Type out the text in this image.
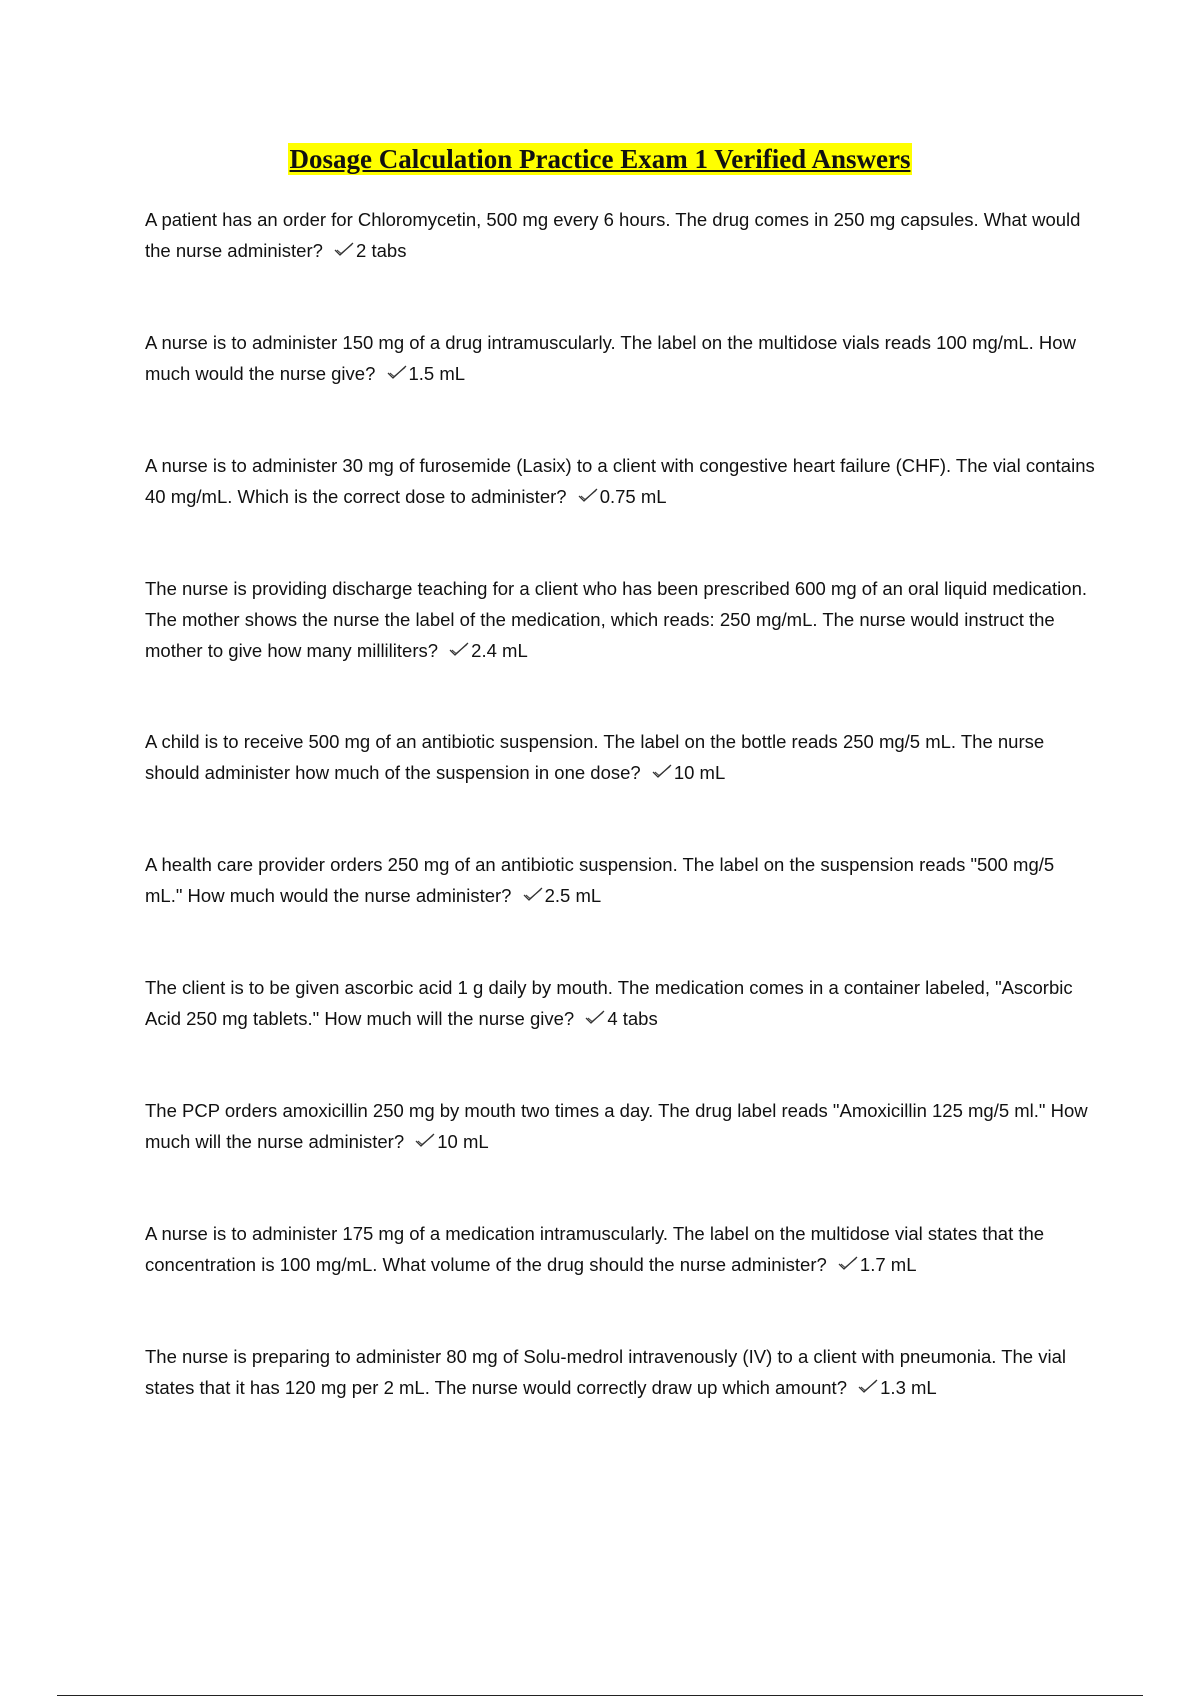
Dosage Calculation Practice Exam 1 Verified Answers

A patient has an order for Chloromycetin, 500 mg every 6 hours. The drug comes in 250 mg capsules. What would the nurse administer? 2 tabs

A nurse is to administer 150 mg of a drug intramuscularly. The label on the multidose vials reads 100 mg/mL. How much would the nurse give? 1.5 mL

A nurse is to administer 30 mg of furosemide (Lasix) to a client with congestive heart failure (CHF). The vial contains 40 mg/mL. Which is the correct dose to administer? 0.75 mL

The nurse is providing discharge teaching for a client who has been prescribed 600 mg of an oral liquid medication. The mother shows the nurse the label of the medication, which reads: 250 mg/mL. The nurse would instruct the mother to give how many milliliters? 2.4 mL

A child is to receive 500 mg of an antibiotic suspension. The label on the bottle reads 250 mg/5 mL. The nurse should administer how much of the suspension in one dose? 10 mL

A health care provider orders 250 mg of an antibiotic suspension. The label on the suspension reads "500 mg/5 mL." How much would the nurse administer? 2.5 mL

The client is to be given ascorbic acid 1 g daily by mouth. The medication comes in a container labeled, "Ascorbic Acid 250 mg tablets." How much will the nurse give? 4 tabs

The PCP orders amoxicillin 250 mg by mouth two times a day. The drug label reads "Amoxicillin 125 mg/5 ml." How much will the nurse administer? 10 mL

A nurse is to administer 175 mg of a medication intramuscularly. The label on the multidose vial states that the concentration is 100 mg/mL. What volume of the drug should the nurse administer? 1.7 mL

The nurse is preparing to administer 80 mg of Solu-medrol intravenously (IV) to a client with pneumonia. The vial states that it has 120 mg per 2 mL. The nurse would correctly draw up which amount? 1.3 mL
